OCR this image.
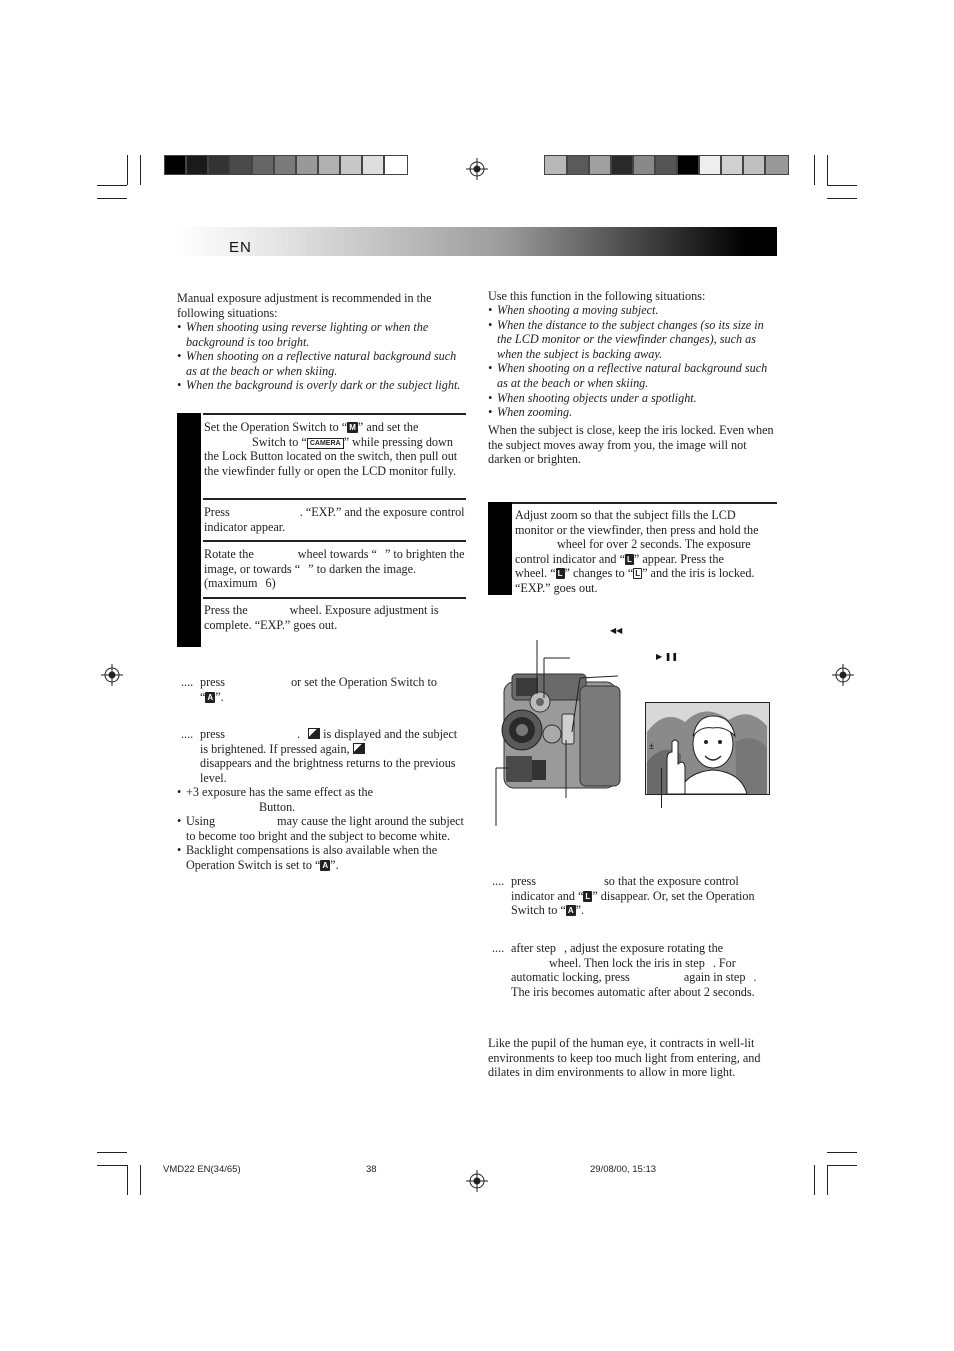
EN
Manual exposure adjustment is recommended in the following situations:
• When shooting using reverse lighting or when the background is too bright.
• When shooting on a reflective natural background such as at the beach or when skiing.
• When the background is overly dark or the subject light.
Set the Operation Switch to “ M ” and set the
Switch to “ CAMERA ” while pressing down the Lock Button located on the switch, then pull out the viewfinder fully or open the LCD monitor fully.
Press	. “EXP.” and the exposure control indicator appear.
Rotate the	wheel towards “ ” to brighten the image, or towards “ ” to darken the image. (maximum 6)
Press the	wheel. Exposure adjustment is complete. “EXP.” goes out.
.... press	or set the Operation Switch to
“ A ”.
.... press	. is displayed and the subject is brightened. If pressed again,
disappears and the brightness returns to the previous level.
• +3 exposure has the same effect as the
Button.
• Using	may cause the light around the subject to become too bright and the subject to become white.
• Backlight compensations is also available when the Operation Switch is set to “ A ”.
Use this function in the following situations:
• When shooting a moving subject.
• When the distance to the subject changes (so its size in the LCD monitor or the viewfinder changes), such as when the subject is backing away.
• When shooting on a reflective natural background such as at the beach or when skiing.
• When shooting objects under a spotlight.
• When zooming.
When the subject is close, keep the iris locked. Even when the subject moves away from you, the image will not darken or brighten.
Adjust zoom so that the subject fills the LCD monitor or the viewfinder, then press and hold thewheel for over 2 seconds. The exposure control indicator and “ L ” appear. Press thewheel. “ L ” changes to “ L ” and the iris is locked. “EXP.” goes out.
◀◀
▶ ❚❚
±
.... press	so that the exposure control indicator and “ L ” disappear. Or, set the Operation Switch to “ A ”.
.... after step , adjust the exposure rotating the
wheel. Then lock the iris in step . For automatic locking, press	again in step . The iris becomes automatic after about 2 seconds.
Like the pupil of the human eye, it contracts in well-lit environments to keep too much light from entering, and dilates in dim environments to allow in more light.
VMD22 EN(34/65)	38	29/08/00, 15:13
